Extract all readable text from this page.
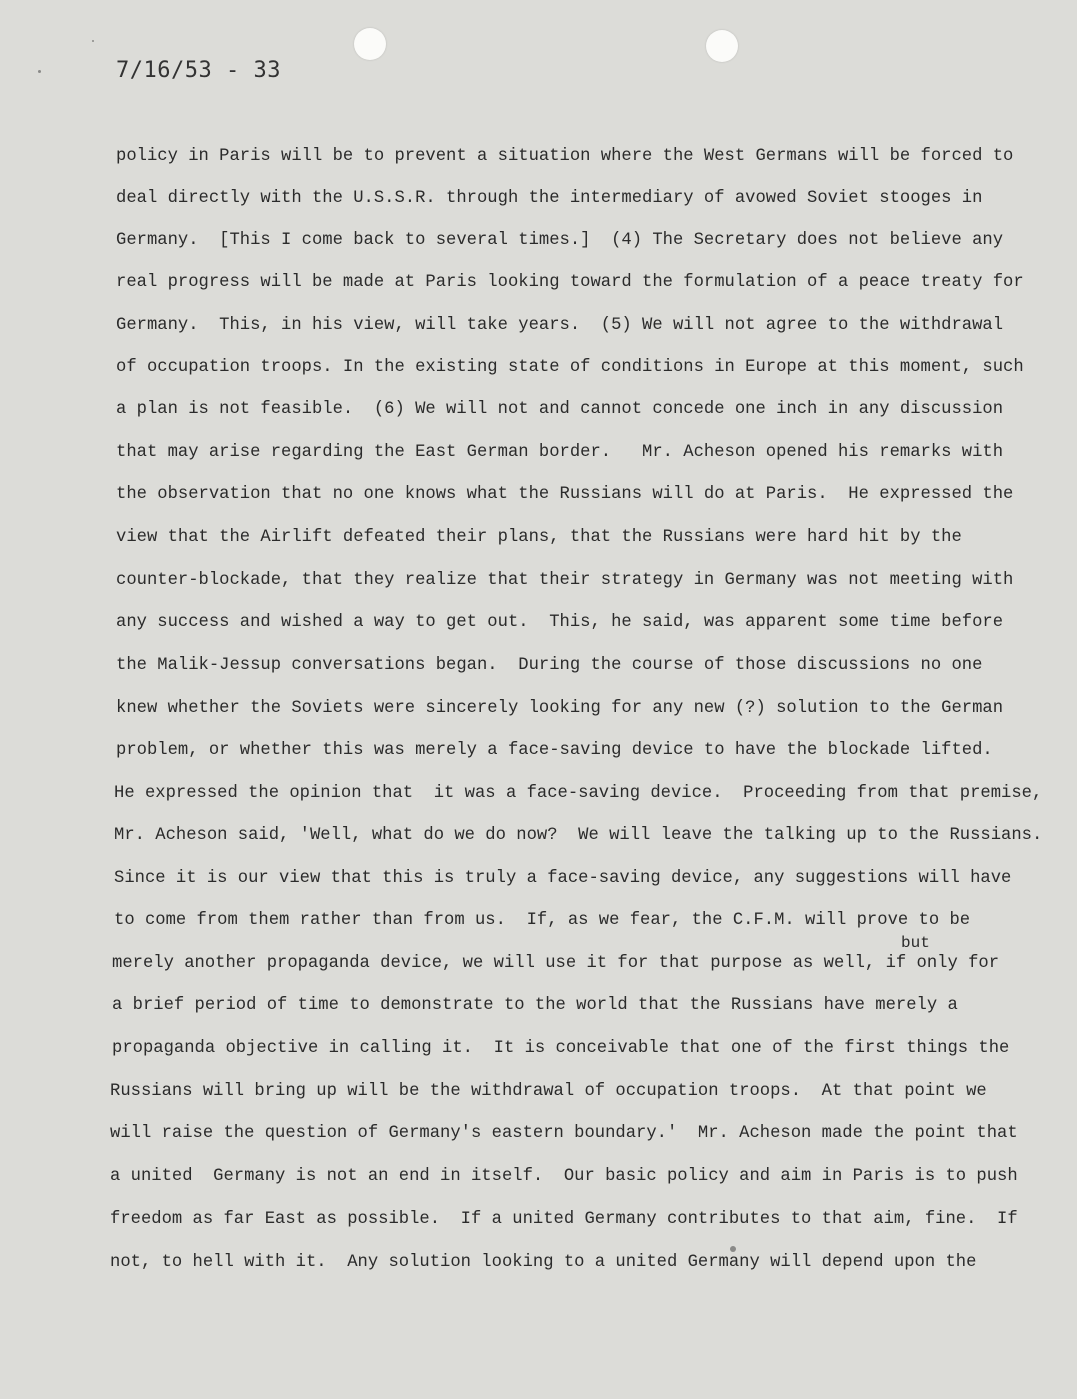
7/16/53 - 33
policy in Paris will be to prevent a situation where the West Germans will be forced to
deal directly with the U.S.S.R. through the intermediary of avowed Soviet stooges in
Germany.  [This I come back to several times.]  (4) The Secretary does not believe any
real progress will be made at Paris looking toward the formulation of a peace treaty for
Germany.  This, in his view, will take years.  (5) We will not agree to the withdrawal
of occupation troops. In the existing state of conditions in Europe at this moment, such
a plan is not feasible.  (6) We will not and cannot concede one inch in any discussion
that may arise regarding the East German border.   Mr. Acheson opened his remarks with
the observation that no one knows what the Russians will do at Paris.  He expressed the
view that the Airlift defeated their plans, that the Russians were hard hit by the
counter-blockade, that they realize that their strategy in Germany was not meeting with
any success and wished a way to get out.  This, he said, was apparent some time before
the Malik-Jessup conversations began.  During the course of those discussions no one
knew whether the Soviets were sincerely looking for any new (?) solution to the German
problem, or whether this was merely a face-saving device to have the blockade lifted.
He expressed the opinion that  it was a face-saving device.  Proceeding from that premise,
Mr. Acheson said, 'Well, what do we do now?  We will leave the talking up to the Russians.
Since it is our view that this is truly a face-saving device, any suggestions will have
to come from them rather than from us.  If, as we fear, the C.F.M. will prove to be
but
merely another propaganda device, we will use it for that purpose as well, if only for
a brief period of time to demonstrate to the world that the Russians have merely a
propaganda objective in calling it.  It is conceivable that one of the first things the
Russians will bring up will be the withdrawal of occupation troops.  At that point we
will raise the question of Germany's eastern boundary.'  Mr. Acheson made the point that
a united  Germany is not an end in itself.  Our basic policy and aim in Paris is to push
freedom as far East as possible.  If a united Germany contributes to that aim, fine.  If
not, to hell with it.  Any solution looking to a united Germany will depend upon the
